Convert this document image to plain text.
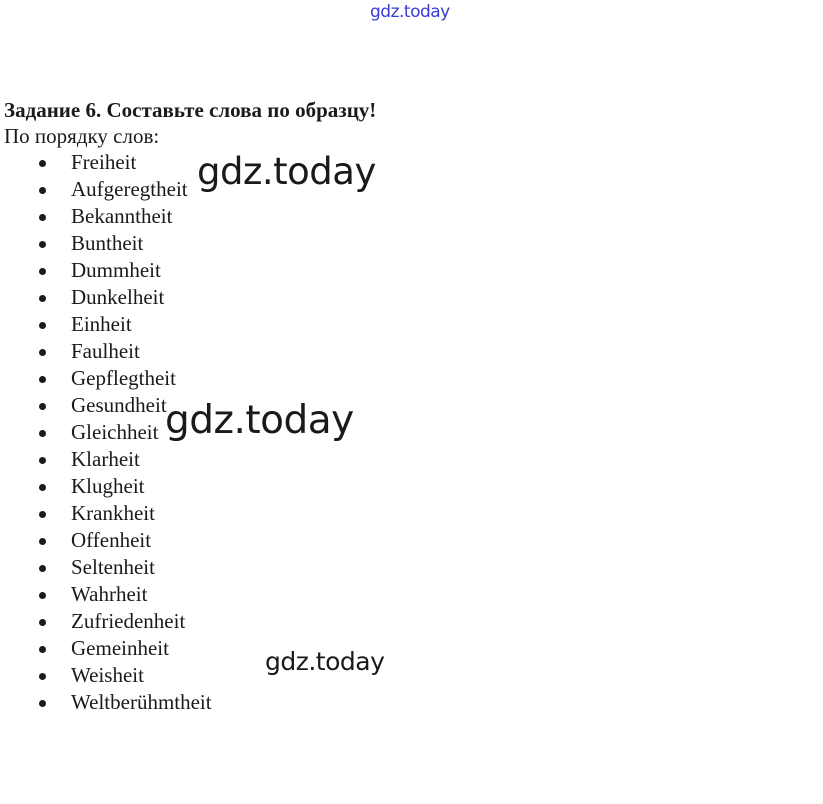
gdz.today
Задание 6. Составьте слова по образцу!
По порядку слов:
Freiheit
Aufgeregtheit
Bekanntheit
Buntheit
Dummheit
Dunkelheit
Einheit
Faulheit
Gepflegtheit
Gesundheit
Gleichheit
Klarheit
Klugheit
Krankheit
Offenheit
Seltenheit
Wahrheit
Zufriedenheit
Gemeinheit
Weisheit
Weltberühmtheit
gdz.today
gdz.today
gdz.today
